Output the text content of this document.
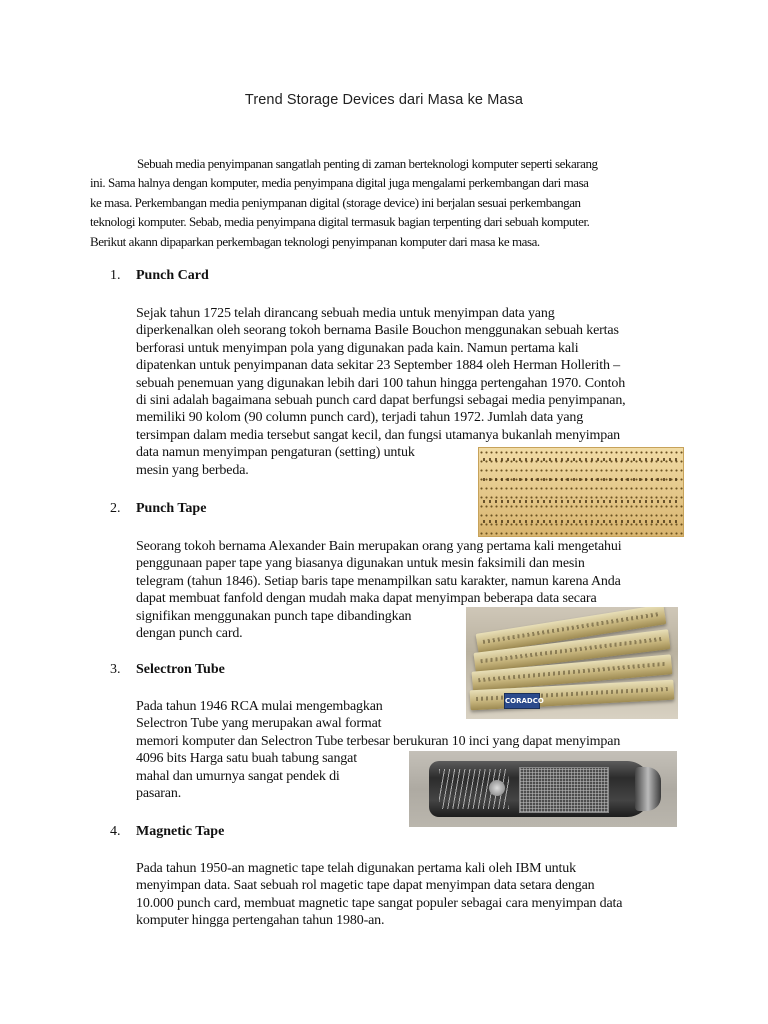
Trend Storage Devices dari Masa ke Masa
Sebuah media penyimpanan sangatlah penting di zaman berteknologi komputer seperti sekarang
ini. Sama halnya dengan komputer, media penyimpana digital juga mengalami perkembangan dari masa
ke masa. Perkembangan media peniympanan digital (storage device) ini berjalan sesuai perkembangan
teknologi komputer. Sebab, media penyimpana digital termasuk bagian terpenting dari sebuah komputer.
Berikut akann dipaparkan perkembagan teknologi penyimpanan komputer dari masa ke masa.
1. Punch Card
Sejak tahun 1725 telah dirancang sebuah media untuk menyimpan data yang
diperkenalkan oleh seorang tokoh bernama Basile Bouchon menggunakan sebuah kertas
berforasi untuk menyimpan pola yang digunakan pada kain. Namun pertama kali
dipatenkan untuk penyimpanan data sekitar 23 September 1884 oleh Herman Hollerith –
sebuah penemuan yang digunakan lebih dari 100 tahun hingga pertengahan 1970. Contoh
di sini adalah bagaimana sebuah punch card dapat berfungsi sebagai media penyimpanan,
memiliki 90 kolom (90 column punch card), terjadi tahun 1972. Jumlah data yang
tersimpan dalam media tersebut sangat kecil, dan fungsi utamanya bukanlah menyimpan
data namun menyimpan pengaturan (setting) untuk
mesin yang berbeda.
2. Punch Tape
Seorang tokoh bernama Alexander Bain merupakan orang yang pertama kali mengetahui
penggunaan paper tape yang biasanya digunakan untuk mesin faksimili dan mesin
telegram (tahun 1846). Setiap baris tape menampilkan satu karakter, namun karena Anda
dapat membuat fanfold dengan mudah maka dapat menyimpan beberapa data secara
signifikan menggunakan punch tape dibandingkan
dengan punch card.
CORADCO
3. Selectron Tube
Pada tahun 1946 RCA mulai mengembagkan
Selectron Tube yang merupakan awal format
memori komputer dan Selectron Tube terbesar berukuran 10 inci yang dapat menyimpan
4096 bits Harga satu buah tabung sangat
mahal dan umurnya sangat pendek di
pasaran.
4. Magnetic Tape
Pada tahun 1950-an magnetic tape telah digunakan pertama kali oleh IBM untuk
menyimpan data. Saat sebuah rol magetic tape dapat menyimpan data setara dengan
10.000 punch card, membuat magnetic tape sangat populer sebagai cara menyimpan data
komputer hingga pertengahan tahun 1980-an.
